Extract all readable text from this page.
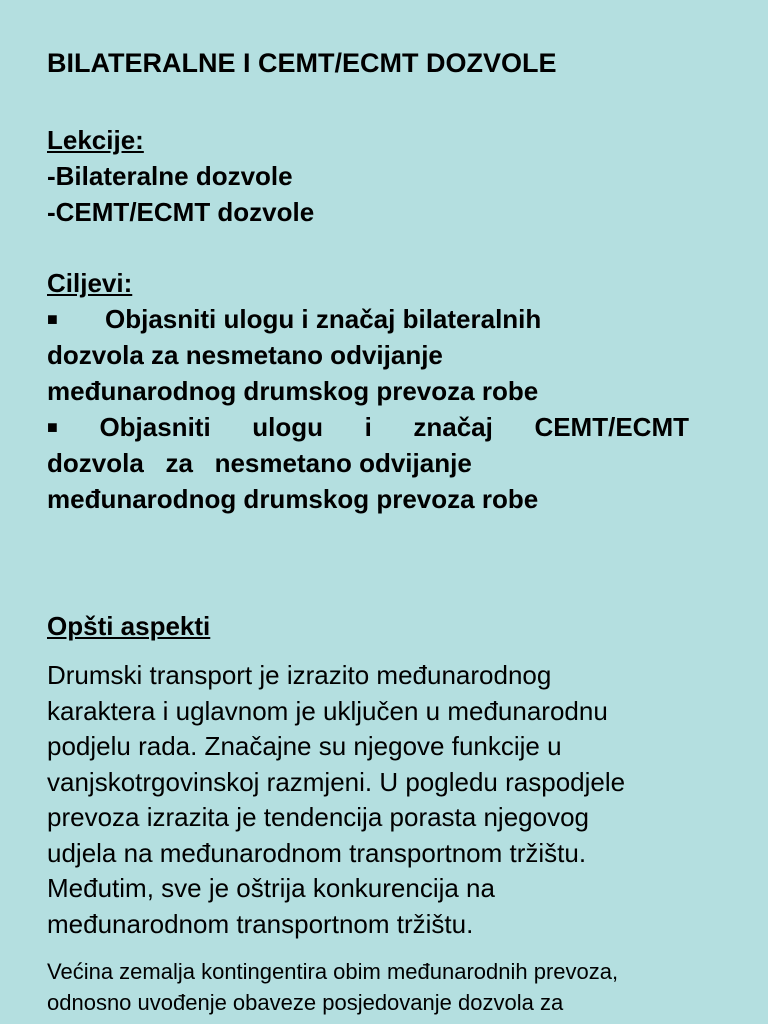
BILATERALNE I CEMT/ECMT DOZVOLE

Lekcije:

-Bilateralne dozvole

-CEMT/ECMT dozvole

Ciljevi:

■	Objasniti ulogu i značaj bilateralnih
dozvola za nesmetano odvijanje
međunarodnog drumskog prevoza robe
■ Objasniti ulogu i značaj CEMT/ECMT
dozvola   za   nesmetano odvijanje
međunarodnog drumskog prevoza robe

Opšti aspekti

Drumski transport je izrazito međunarodnog
karaktera i uglavnom je uključen u međunarodnu
podjelu rada. Značajne su njegove funkcije u
vanjskotrgovinskoj razmjeni. U pogledu raspodjele
prevoza izrazita je tendencija porasta njegovog
udjela na međunarodnom transportnom tržištu.
Međutim, sve je oštrija konkurencija na
međunarodnom transportnom tržištu.

Većina zemalja kontingentira obim međunarodnih prevoza,
odnosno uvođenje obaveze posjedovanje dozvola za
